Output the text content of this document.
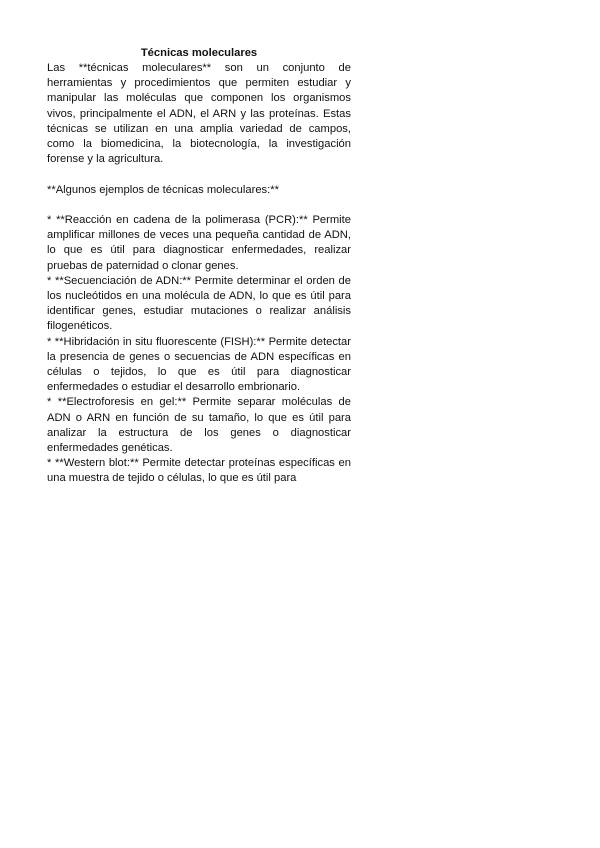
Técnicas moleculares

Las **técnicas moleculares** son un conjunto de herramientas y procedimientos que permiten estudiar y manipular las moléculas que componen los organismos vivos, principalmente el ADN, el ARN y las proteínas. Estas técnicas se utilizan en una amplia variedad de campos, como la biomedicina, la biotecnología, la investigación forense y la agricultura.

**Algunos ejemplos de técnicas moleculares:**

* **Reacción en cadena de la polimerasa (PCR):** Permite amplificar millones de veces una pequeña cantidad de ADN, lo que es útil para diagnosticar enfermedades, realizar pruebas de paternidad o clonar genes.

* **Secuenciación de ADN:** Permite determinar el orden de los nucleótidos en una molécula de ADN, lo que es útil para identificar genes, estudiar mutaciones o realizar análisis filogenéticos.

* **Hibridación in situ fluorescente (FISH):** Permite detectar la presencia de genes o secuencias de ADN específicas en células o tejidos, lo que es útil para diagnosticar enfermedades o estudiar el desarrollo embrionario.

* **Electroforesis en gel:** Permite separar moléculas de ADN o ARN en función de su tamaño, lo que es útil para analizar la estructura de los genes o diagnosticar enfermedades genéticas.

* **Western blot:** Permite detectar proteínas específicas en una muestra de tejido o células, lo que es útil para
